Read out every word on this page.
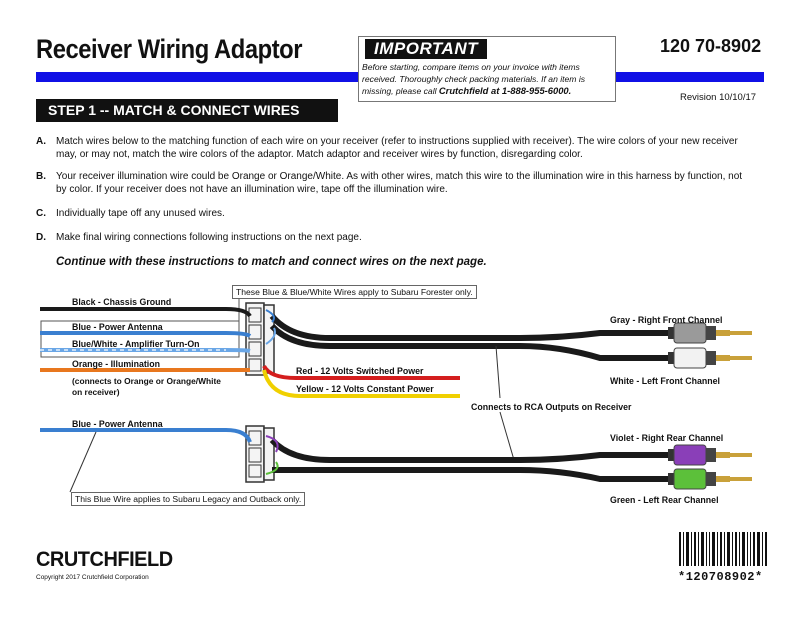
Receiver Wiring Adaptor	120 70-8902
IMPORTANT
Before starting, compare items on your invoice with items received. Thoroughly check packing materials. If an item is missing, please call Crutchfield at 1-888-955-6000.
Revision 10/10/17
STEP 1 -- MATCH & CONNECT WIRES
A. Match wires below to the matching function of each wire on your receiver (refer to instructions supplied with receiver). The wire colors of your new receiver may, or may not, match the wire colors of the adaptor. Match adaptor and receiver wires by function, disregarding color.
B. Your receiver illumination wire could be Orange or Orange/White. As with other wires, match this wire to the illumination wire in this harness by function, not by color. If your receiver does not have an illumination wire, tape off the illumination wire.
C. Individually tape off any unused wires.
D. Make final wiring connections following instructions on the next page.
Continue with these instructions to match and connect wires on the next page.
Black - Chassis Ground
Blue - Power Antenna
Blue/White - Amplifier Turn-On
Orange - Illumination
(connects to Orange or Orange/White on receiver)
Red - 12 Volts Switched Power
Yellow - 12 Volts Constant Power
These Blue & Blue/White Wires apply to Subaru Forester only.
Blue - Power Antenna
This Blue Wire applies to Subaru Legacy and Outback only.
Connects to RCA Outputs on Receiver
Gray - Right Front Channel
White - Left Front Channel
Violet - Right Rear Channel
Green - Left Rear Channel
CRUTCHFIELD
Copyright 2017 Crutchfield Corporation	*120708902*
